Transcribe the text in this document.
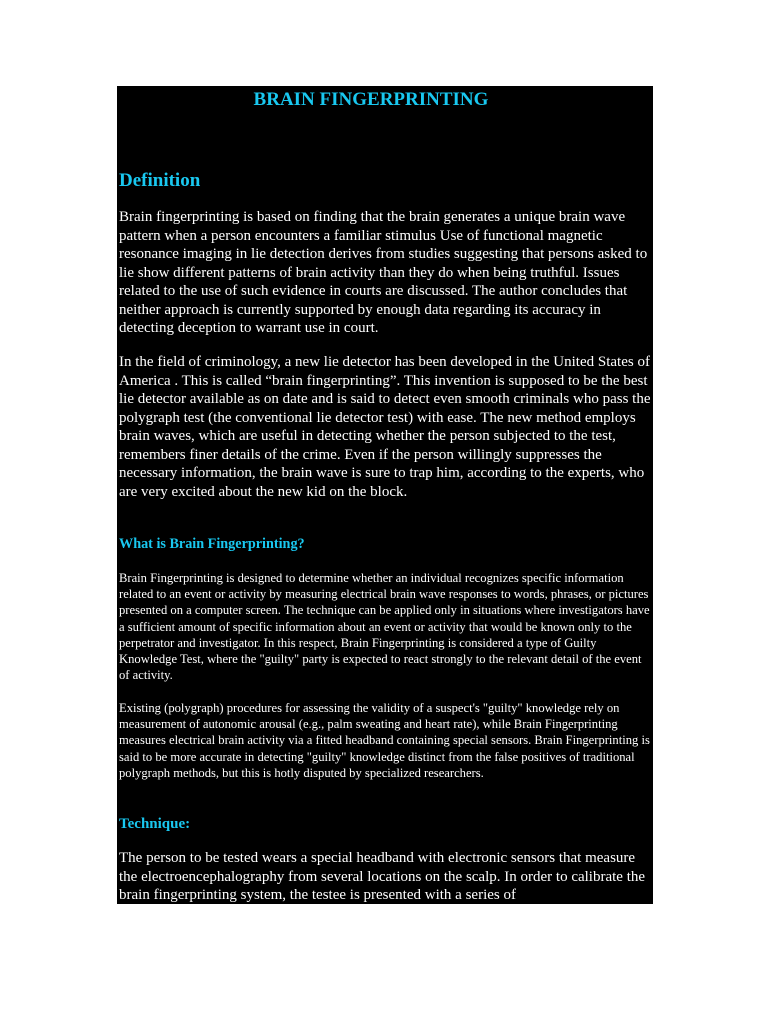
BRAIN FINGERPRINTING
Definition

Brain fingerprinting is based on finding that the brain generates a unique brain wave pattern when a person encounters a familiar stimulus Use of functional magnetic resonance imaging in lie detection derives from studies suggesting that persons asked to lie show different patterns of brain activity than they do when being truthful. Issues related to the use of such evidence in courts are discussed. The author concludes that neither approach is currently supported by enough data regarding its accuracy in detecting deception to warrant use in court.

In the field of criminology, a new lie detector has been developed in the United States of America . This is called “brain fingerprinting”. This invention is supposed to be the best lie detector available as on date and is said to detect even smooth criminals who pass the polygraph test (the conventional lie detector test) with ease. The new method employs brain waves, which are useful in detecting whether the person subjected to the test, remembers finer details of the crime. Even if the person willingly suppresses the necessary information, the brain wave is sure to trap him, according to the experts, who are very excited about the new kid on the block.

What is Brain Fingerprinting?

Brain Fingerprinting is designed to determine whether an individual recognizes specific information related to an event or activity by measuring electrical brain wave responses to words, phrases, or pictures presented on a computer screen. The technique can be applied only in situations where investigators have a sufficient amount of specific information about an event or activity that would be known only to the perpetrator and investigator. In this respect, Brain Fingerprinting is considered a type of Guilty Knowledge Test, where the "guilty" party is expected to react strongly to the relevant detail of the event of activity.

Existing (polygraph) procedures for assessing the validity of a suspect's "guilty" knowledge rely on measurement of autonomic arousal (e.g., palm sweating and heart rate), while Brain Fingerprinting measures electrical brain activity via a fitted headband containing special sensors. Brain Fingerprinting is said to be more accurate in detecting "guilty" knowledge distinct from the false positives of traditional polygraph methods, but this is hotly disputed by specialized researchers.

Technique:

The person to be tested wears a special headband with electronic sensors that measure the electroencephalography from several locations on the scalp. In order to calibrate the brain fingerprinting system, the testee is presented with a series of
